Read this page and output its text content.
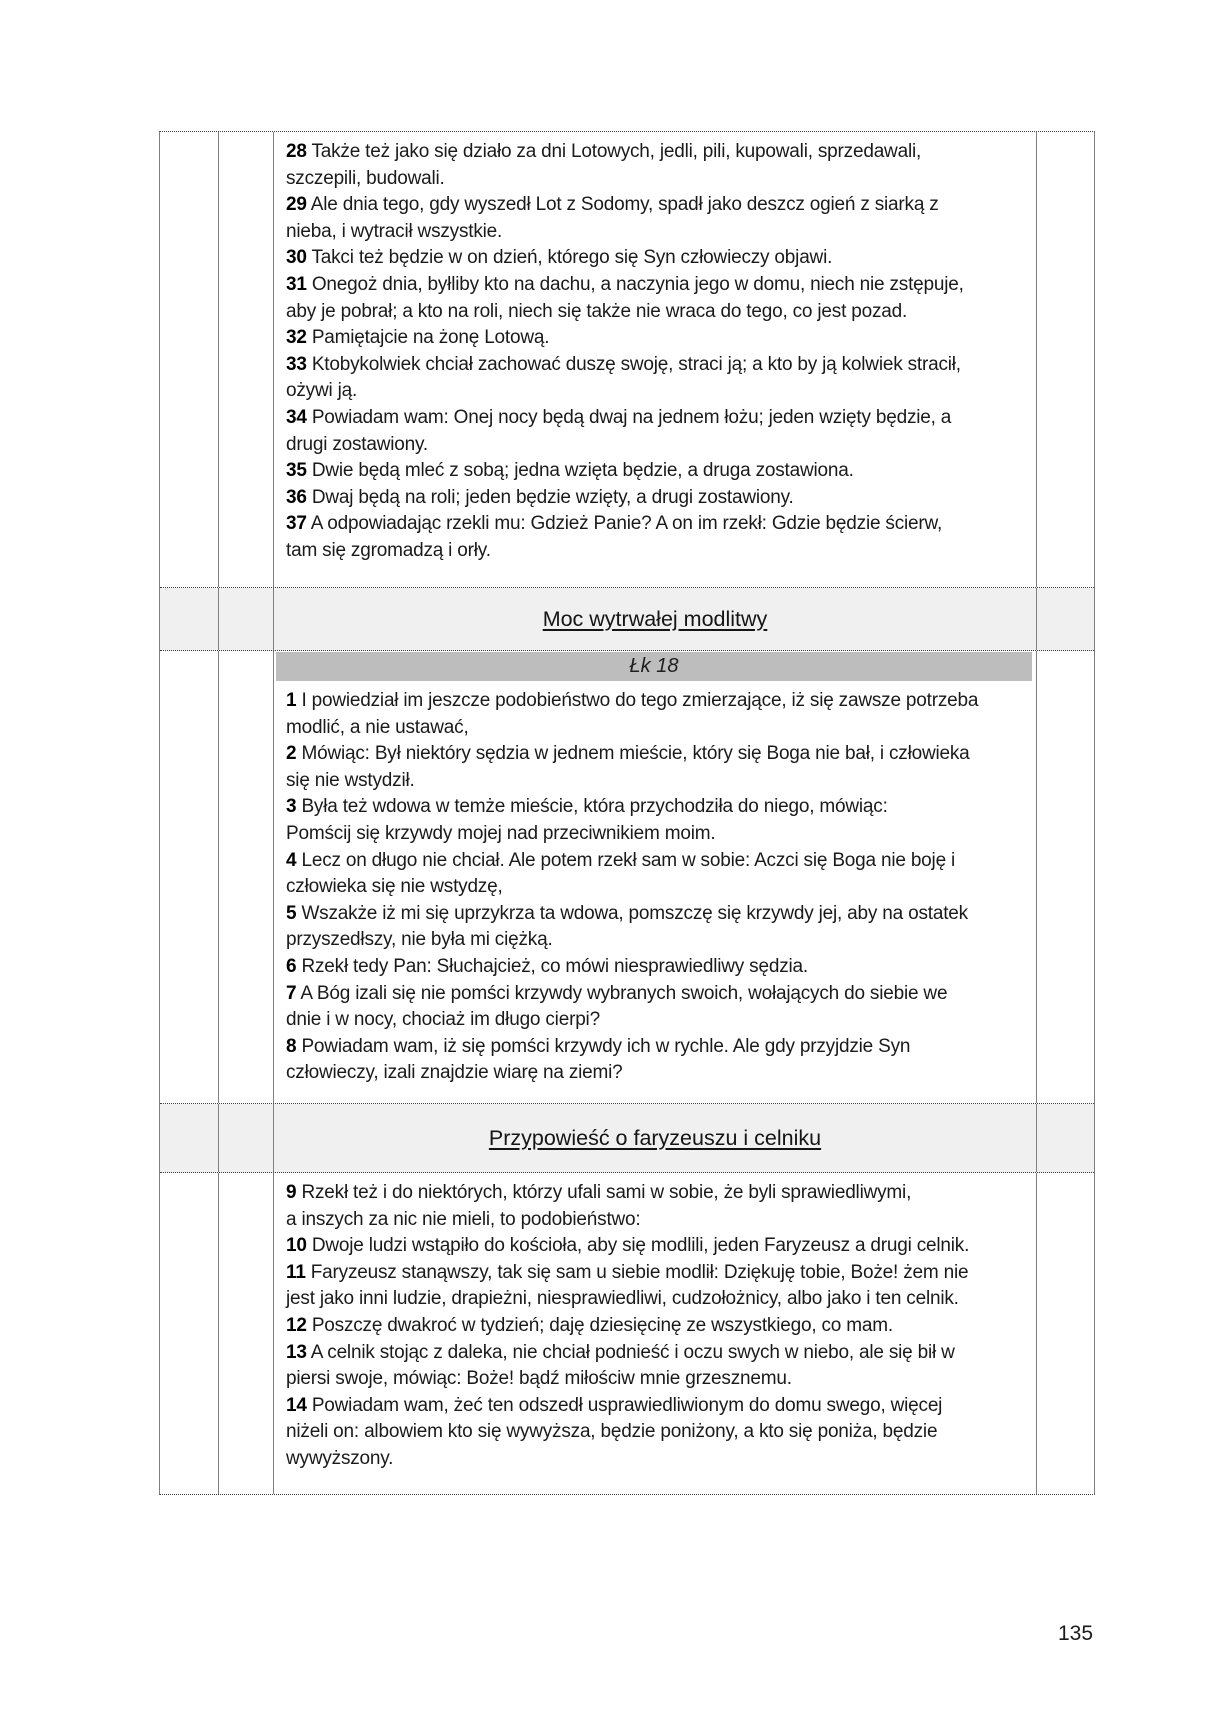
28 Także też jako się działo za dni Lotowych, jedli, pili, kupowali, sprzedawali,
szczepili, budowali.
29 Ale dnia tego, gdy wyszedł Lot z Sodomy, spadł jako deszcz ogień z siarką z
nieba, i wytracił wszystkie.
30 Takci też będzie w on dzień, którego się Syn człowieczy objawi.
31 Onegoż dnia, byłliby kto na dachu, a naczynia jego w domu, niech nie zstępuje,
aby je pobrał; a kto na roli, niech się także nie wraca do tego, co jest pozad.
32 Pamiętajcie na żonę Lotową.
33 Ktobykolwiek chciał zachować duszę swoję, straci ją; a kto by ją kolwiek stracił,
ożywi ją.
34 Powiadam wam: Onej nocy będą dwaj na jednem łożu; jeden wzięty będzie, a
drugi zostawiony.
35 Dwie będą mleć z sobą; jedna wzięta będzie, a druga zostawiona.
36 Dwaj będą na roli; jeden będzie wzięty, a drugi zostawiony.
37 A odpowiadając rzekli mu: Gdzież Panie? A on im rzekł: Gdzie będzie ścierw,
tam się zgromadzą i orły.
Moc wytrwałej modlitwy
Łk 18
1 I powiedział im jeszcze podobieństwo do tego zmierzające, iż się zawsze potrzeba
modlić, a nie ustawać,
2 Mówiąc: Był niektóry sędzia w jednem mieście, który się Boga nie bał, i człowieka
się nie wstydził.
3 Była też wdowa w temże mieście, która przychodziła do niego, mówiąc:
Pomścij się krzywdy mojej nad przeciwnikiem moim.
4 Lecz on długo nie chciał. Ale potem rzekł sam w sobie: Aczci się Boga nie boję i
człowieka się nie wstydzę,
5 Wszakże iż mi się uprzykrza ta wdowa, pomszczę się krzywdy jej, aby na ostatek
przyszedłszy, nie była mi ciężką.
6 Rzekł tedy Pan: Słuchajcież, co mówi niesprawiedliwy sędzia.
7 A Bóg izali się nie pomści krzywdy wybranych swoich, wołających do siebie we
dnie i w nocy, chociaż im długo cierpi?
8 Powiadam wam, iż się pomści krzywdy ich w rychle. Ale gdy przyjdzie Syn
człowieczy, izali znajdzie wiarę na ziemi?
Przypowieść o faryzeuszu i celniku
9 Rzekł też i do niektórych, którzy ufali sami w sobie, że byli sprawiedliwymi,
a inszych za nic nie mieli, to podobieństwo:
10 Dwoje ludzi wstąpiło do kościoła, aby się modlili, jeden Faryzeusz a drugi celnik.
11 Faryzeusz stanąwszy, tak się sam u siebie modlił: Dziękuję tobie, Boże! żem nie
jest jako inni ludzie, drapieżni, niesprawiedliwi, cudzołożnicy, albo jako i ten celnik.
12 Poszczę dwakroć w tydzień; daję dziesięcinę ze wszystkiego, co mam.
13 A celnik stojąc z daleka, nie chciał podnieść i oczu swych w niebo, ale się bił w
piersi swoje, mówiąc: Boże! bądź miłościw mnie grzesznemu.
14 Powiadam wam, żeć ten odszedł usprawiedliwionym do domu swego, więcej
niżeli on: albowiem kto się wywyższa, będzie poniżony, a kto się poniża, będzie
wywyższony.
135
